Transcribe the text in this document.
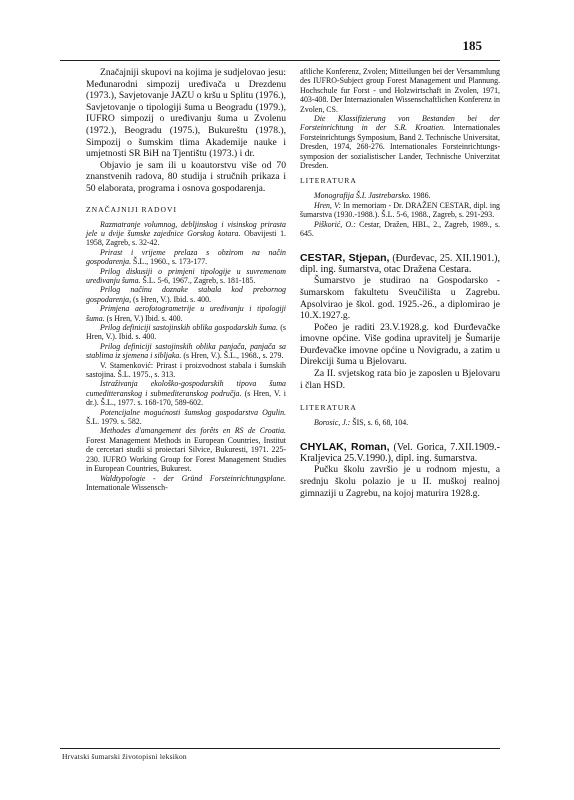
185

Značajniji skupovi na kojima je sudjelovao jesu: Međunarodni simpozij uređivača u Drezdenu (1973.), Savjetovanje JAZU o kršu u Splitu (1976.), Savjetovanje o tipologiji šuma u Beogradu (1979.), IUFRO simpozij o uređivanju šuma u Zvolenu (1972.), Beogradu (1975.), Bukureštu (1978.), Simpozij o šumskim tlima Akademije nauke i umjetnosti SR BiH na Tjentištu (1973.) i dr.

Objavio je sam ili u koautorstvu više od 70 znanstvenih radova, 80 studija i stručnih prikaza i 50 elaborata, programa i osnova gospodarenja.

ZNAČAJNIJI RADOVI

Razmatranje volumnog, debljinskog i visinskog prirasta jele u dvije šumske zajednice Gorskog kotara. Obavijesti 1. 1958, Zagreb, s. 32-42.

Prirast i vrijeme prelaza s obzirom na način gospodarenja. Š.L., 1960., s. 173-177.

Prilog diskusiji o primjeni tipologije u suvremenom uređivanju šuma. Š.L. 5-6, 1967., Zagreb, s. 181-185.

Prilog načinu doznake stabala kod prebornog gospodarenja, (s Hren, V.). Ibid. s. 400.

Primjena aerofotogrametrije u uređivanju i tipologiji šuma. (s Hren, V.) Ibid. s. 400.

Prilog definiciji sastojinskih oblika gospodarskih šuma. (s Hren, V.). Ibid. s. 400.

Prilog definiciji sastojinskih oblika panjača, panjača sa stablima iz sjemena i sibljaka. (s Hren, V.). Š.L., 1968., s. 279.

V. Stamenković: Prirast i proizvodnost stabala i šumskih sastojina. Š.L. 1975., s. 313.

Istraživanja ekološko-gospodarskih tipova šuma cumeditteranskog i submediteranskog područja. (s Hren, V. i dr.). Š.L., 1977. s. 168-170, 589-602.

Potencijalne mogućnosti šumskog gospodarstva Ogulin. Š.L. 1979. s. 582.

Methodes d'amangement des forêts en RS de Croatia. Forest Management Methods in European Countries, Institut de cercetari studii si proiectari Silvice, Bukuresti, 1971. 225-230. IUFRO Working Group for Forest Management Studies in European Countries, Bukurest.

Waldtypologie - der Gründ Forsteinrichtungsplane. Internationale Wissensch-

aftliche Konferenz, Zvolen; Mitteilungen bei der Versammlung des IUFRO-Subject group Forest Management und Plannung. Hochschule fur Forst - und Holzwirtschaft in Zvolen, 1971, 403-408. Der Internazionalen Wissenschaftlichen Konferenz in Zvolen, CS.

Die Klassifizierung von Bestanden bei der Forsteinrichtung in der S.R. Kroatien. Internationales Forsteinrichtungs Symposium, Band 2. Technische Universitat, Dresden, 1974, 268-276. Internationales Forsteinrichtungs-symposion der sozialistischer Lander, Technische Univerzitat Dresden.

LITERATURA

Monografija Š.I. Jastrebarsko. 1986.

Hren, V: In memoriam - Dr. DRAŽEN CESTAR, dipl. ing šumarstva (1930.-1988.). Š.L. 5-6, 1988., Zagreb, s. 291-293.

Piškorić, O.: Cestar, Dražen, HBL, 2., Zagreb, 1989., s. 645.

CESTAR, Stjepan, (Đurđevac, 25. XII.1901.), dipl. ing. šumarstva, otac Dražena Cestara.

Šumarstvo je studirao na Gospodarsko - šumarskom fakultetu Sveučilišta u Zagrebu. Apsolvirao je škol. god. 1925.-26., a diplomirao je 10.X.1927.g.

Počeo je raditi 23.V.1928.g. kod Đurđevačke imovne općine. Više godina upravitelj je Šumarije Đurđevačke imovne općine u Novigradu, a zatim u Direkciji šuma u Bjelovaru.

Za II. svjetskog rata bio je zaposlen u Bjelovaru i član HSD.

LITERATURA

Borosic, J.: ŠIS, s. 6, 68, 104.

CHYLAK, Roman, (Vel. Gorica, 7.XII.1909.- Kraljevica 25.V.1990.), dipl. ing. šumarstva.

Pučku školu završio je u rodnom mjestu, a srednju školu polazio je u II. muškoj realnoj gimnaziji u Zagrebu, na kojoj maturira 1928.g.

Hrvatski šumarski životopisni leksikon
